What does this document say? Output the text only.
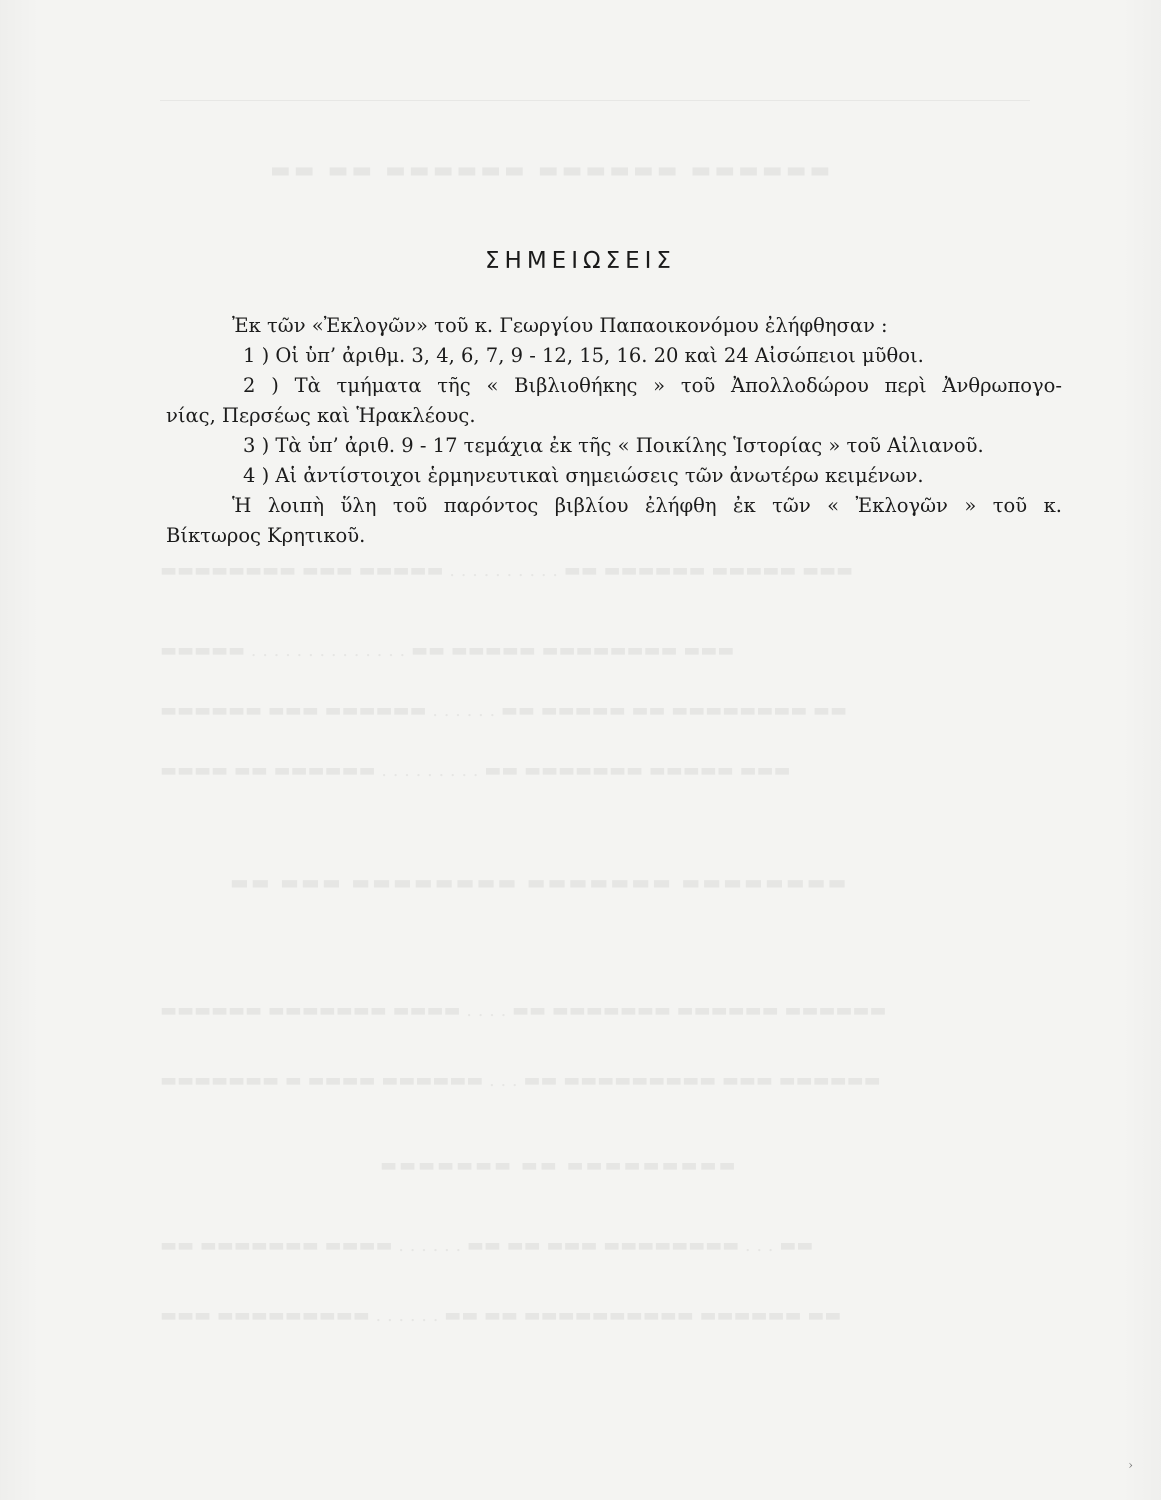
▬▬ ▬▬ ▬▬▬▬▬▬ ▬▬▬▬▬▬ ▬▬▬▬▬▬
▬▬▬▬▬▬▬▬ ▬▬▬ ▬▬▬▬▬ . . . . . . . . . . ▬▬ ▬▬▬▬▬▬ ▬▬▬▬▬ ▬▬▬
▬▬▬▬▬ . . . . . . . . . . . . . . ▬▬ ▬▬▬▬▬ ▬▬▬▬▬▬▬▬ ▬▬▬
▬▬▬▬▬▬ ▬▬▬ ▬▬▬▬▬▬ . . . . . . ▬▬ ▬▬▬▬▬ ▬▬ ▬▬▬▬▬▬▬▬ ▬▬
▬▬▬▬ ▬▬ ▬▬▬▬▬▬ . . . . . . . . . ▬▬ ▬▬▬▬▬▬▬ ▬▬▬▬▬ ▬▬▬
▬▬ ▬▬▬ ▬▬▬▬▬▬▬▬ ▬▬▬▬▬▬▬ ▬▬▬▬▬▬▬▬
▬▬▬▬▬▬ ▬▬▬▬▬▬▬ ▬▬▬▬ . . . . ▬▬ ▬▬▬▬▬▬▬ ▬▬▬▬▬▬ ▬▬▬▬▬▬
▬▬▬▬▬▬▬ ▬ ▬▬▬▬ ▬▬▬▬▬▬ . . . ▬▬ ▬▬▬▬▬▬▬▬▬ ▬▬▬ ▬▬▬▬▬▬
▬▬▬▬▬▬▬ ▬▬ ▬▬▬▬▬▬▬▬▬
▬▬ ▬▬▬▬▬▬▬ ▬▬▬▬ . . . . . . ▬▬ ▬▬ ▬▬▬ ▬▬▬▬▬▬▬▬ . . . ▬▬
▬▬▬ ▬▬▬▬▬▬▬▬▬ . . . . . . ▬▬ ▬▬ ▬▬▬▬▬▬▬▬▬▬ ▬▬▬▬▬▬ ▬▬
ΣΗΜΕΙΩΣΕΙΣ
Ἐκ τῶν «Ἐκλογῶν» τοῦ κ. Γεωργίου Παπαοικονόμου ἐλήφθησαν :
1 ) Οἱ ὑπ’ ἀριθμ. 3, 4, 6, 7, 9 - 12, 15, 16. 20 καὶ 24 Αἰσώπειοι μῦθοι.
2 ) Τὰ τμήματα τῆς « Βιβλιοθήκης » τοῦ Ἀπολλοδώρου περὶ Ἀνθρωπογο-
νίας, Περσέως καὶ Ἡρακλέους.
3 ) Τὰ ὑπ’ ἀριθ. 9 - 17 τεμάχια ἐκ τῆς « Ποικίλης Ἱστορίας » τοῦ Αἰλιανοῦ.
4 ) Αἱ ἀντίστοιχοι ἑρμηνευτικαὶ σημειώσεις τῶν ἀνωτέρω κειμένων.
Ἡ λοιπὴ ὕλη τοῦ παρόντος βιβλίου ἐλήφθη ἐκ τῶν « Ἐκλογῶν » τοῦ κ.
Βίκτωρος Κρητικοῦ.
›
